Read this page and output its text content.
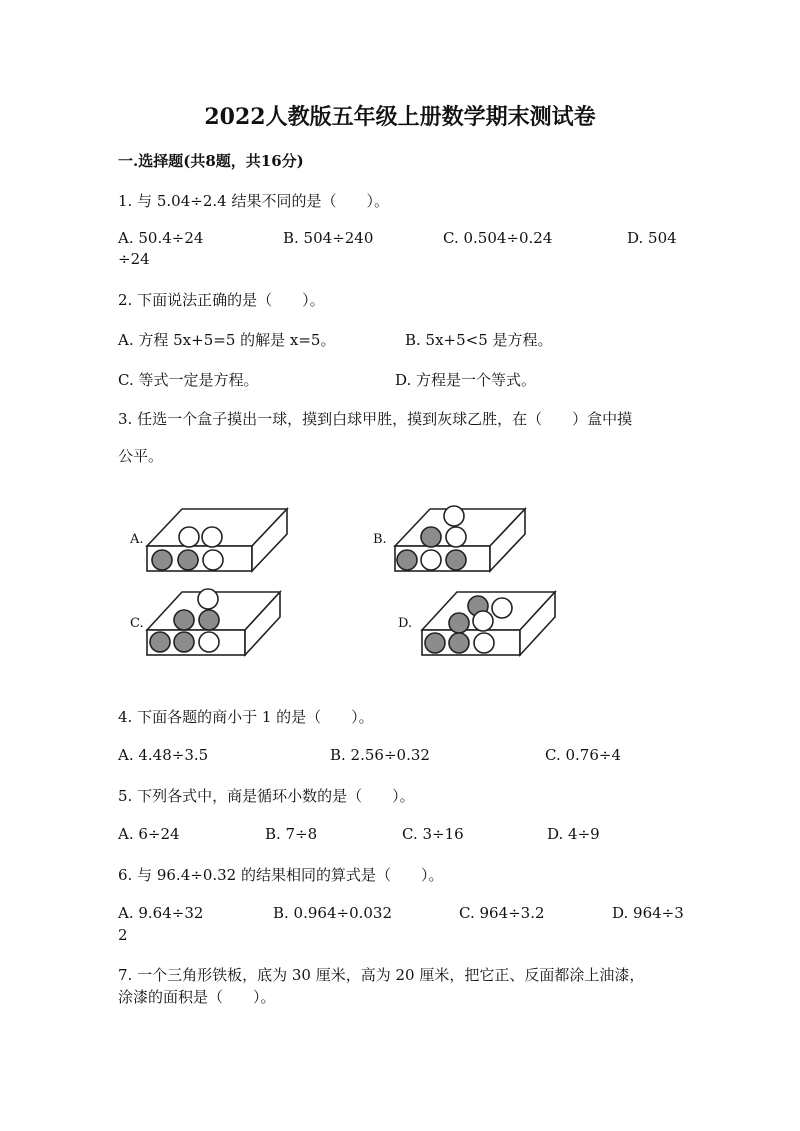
2022人教版五年级上册数学期末测试卷
一.选择题(共8题，共16分)
1. 与 5.04÷2.4 结果不同的是（　　）。
A. 50.4÷24	B. 504÷240	C. 0.504÷0.24	D. 504
÷24
2. 下面说法正确的是（　　）。
A. 方程 5x+5=5 的解是 x=5。	B. 5x+5<5 是方程。
C. 等式一定是方程。	D. 方程是一个等式。
3. 任选一个盒子摸出一球，摸到白球甲胜，摸到灰球乙胜，在（　　）盒中摸
公平。
A.	B.
C.	D.
4. 下面各题的商小于 1 的是（　　）。
A. 4.48÷3.5	B. 2.56÷0.32	C. 0.76÷4
5. 下列各式中，商是循环小数的是（　　）。
A. 6÷24	B. 7÷8	C. 3÷16	D. 4÷9
6. 与 96.4÷0.32 的结果相同的算式是（　　）。
A. 9.64÷32	B. 0.964÷0.032	C. 964÷3.2	D. 964÷3
2
7. 一个三角形铁板，底为 30 厘米，高为 20 厘米，把它正、反面都涂上油漆，
涂漆的面积是（　　）。
